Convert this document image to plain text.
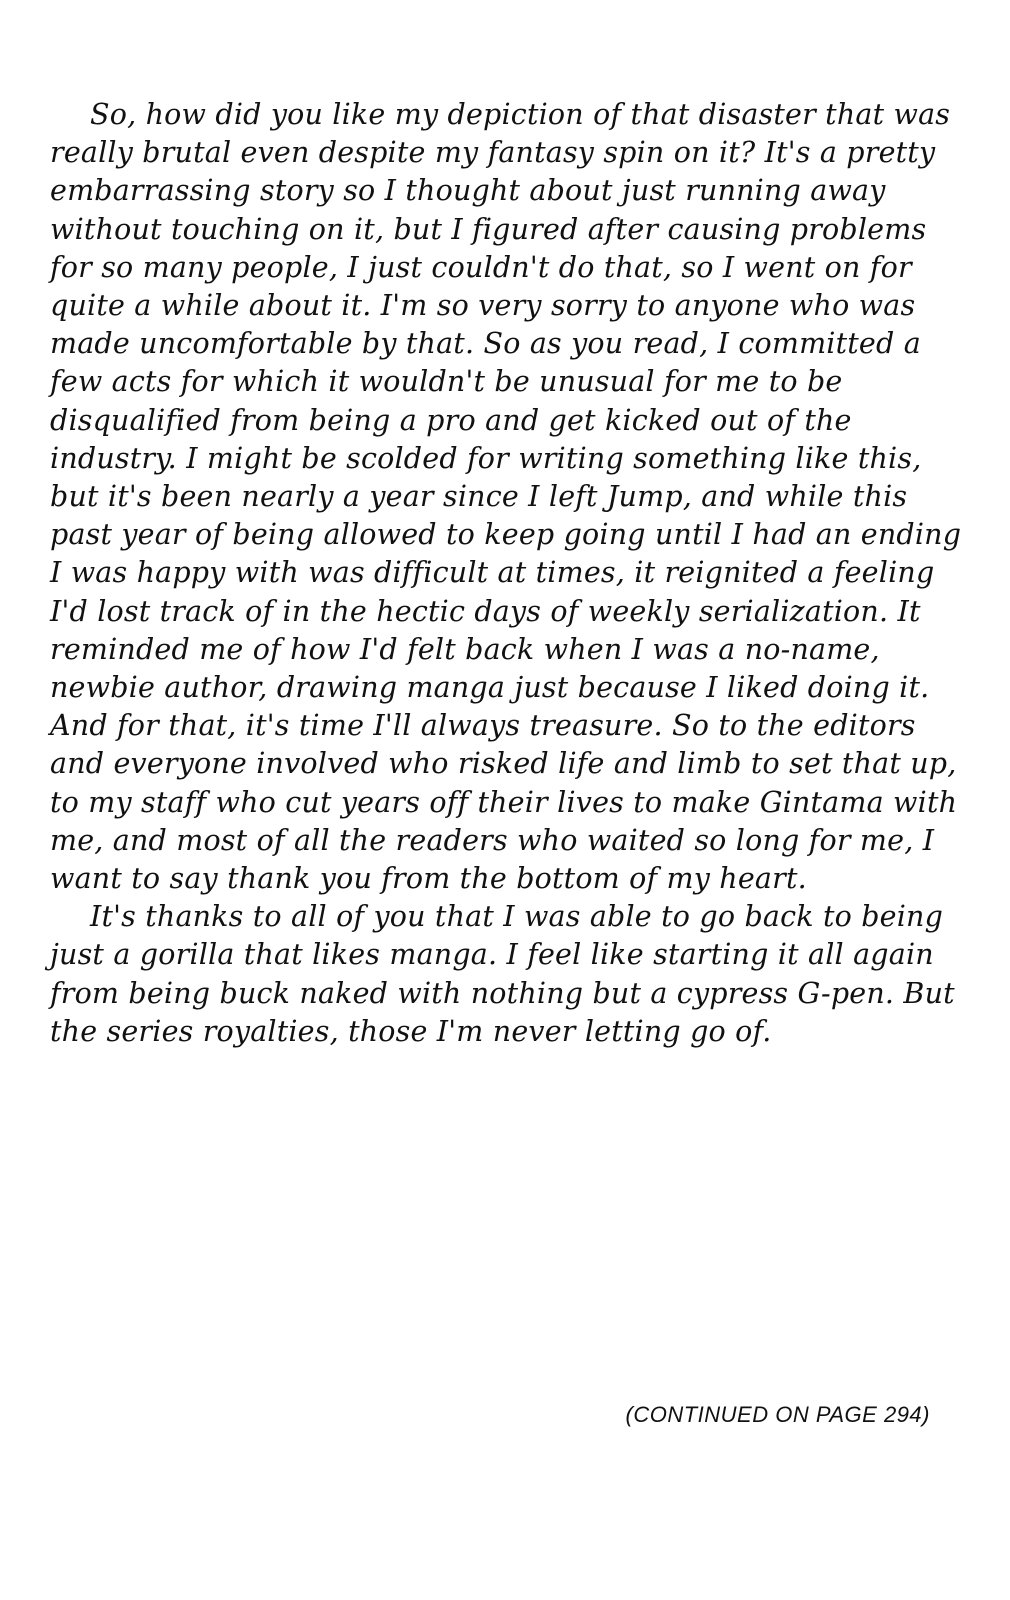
So, how did you like my depiction of that disaster that was really brutal even despite my fantasy spin on it? It's a pretty embarrassing story so I thought about just running away without touching on it, but I figured after causing problems for so many people, I just couldn't do that, so I went on for quite a while about it. I'm so very sorry to anyone who was made uncomfortable by that. So as you read, I committed a few acts for which it wouldn't be unusual for me to be disqualified from being a pro and get kicked out of the industry. I might be scolded for writing something like this, but it's been nearly a year since I left Jump, and while this past year of being allowed to keep going until I had an ending I was happy with was difficult at times, it reignited a feeling I'd lost track of in the hectic days of weekly serialization. It reminded me of how I'd felt back when I was a no-name, newbie author, drawing manga just because I liked doing it. And for that, it's time I'll always treasure. So to the editors and everyone involved who risked life and limb to set that up, to my staff who cut years off their lives to make Gintama with me, and most of all the readers who waited so long for me, I want to say thank you from the bottom of my heart.

It's thanks to all of you that I was able to go back to being just a gorilla that likes manga. I feel like starting it all again from being buck naked with nothing but a cypress G-pen. But the series royalties, those I'm never letting go of.

(CONTINUED ON PAGE 294)
